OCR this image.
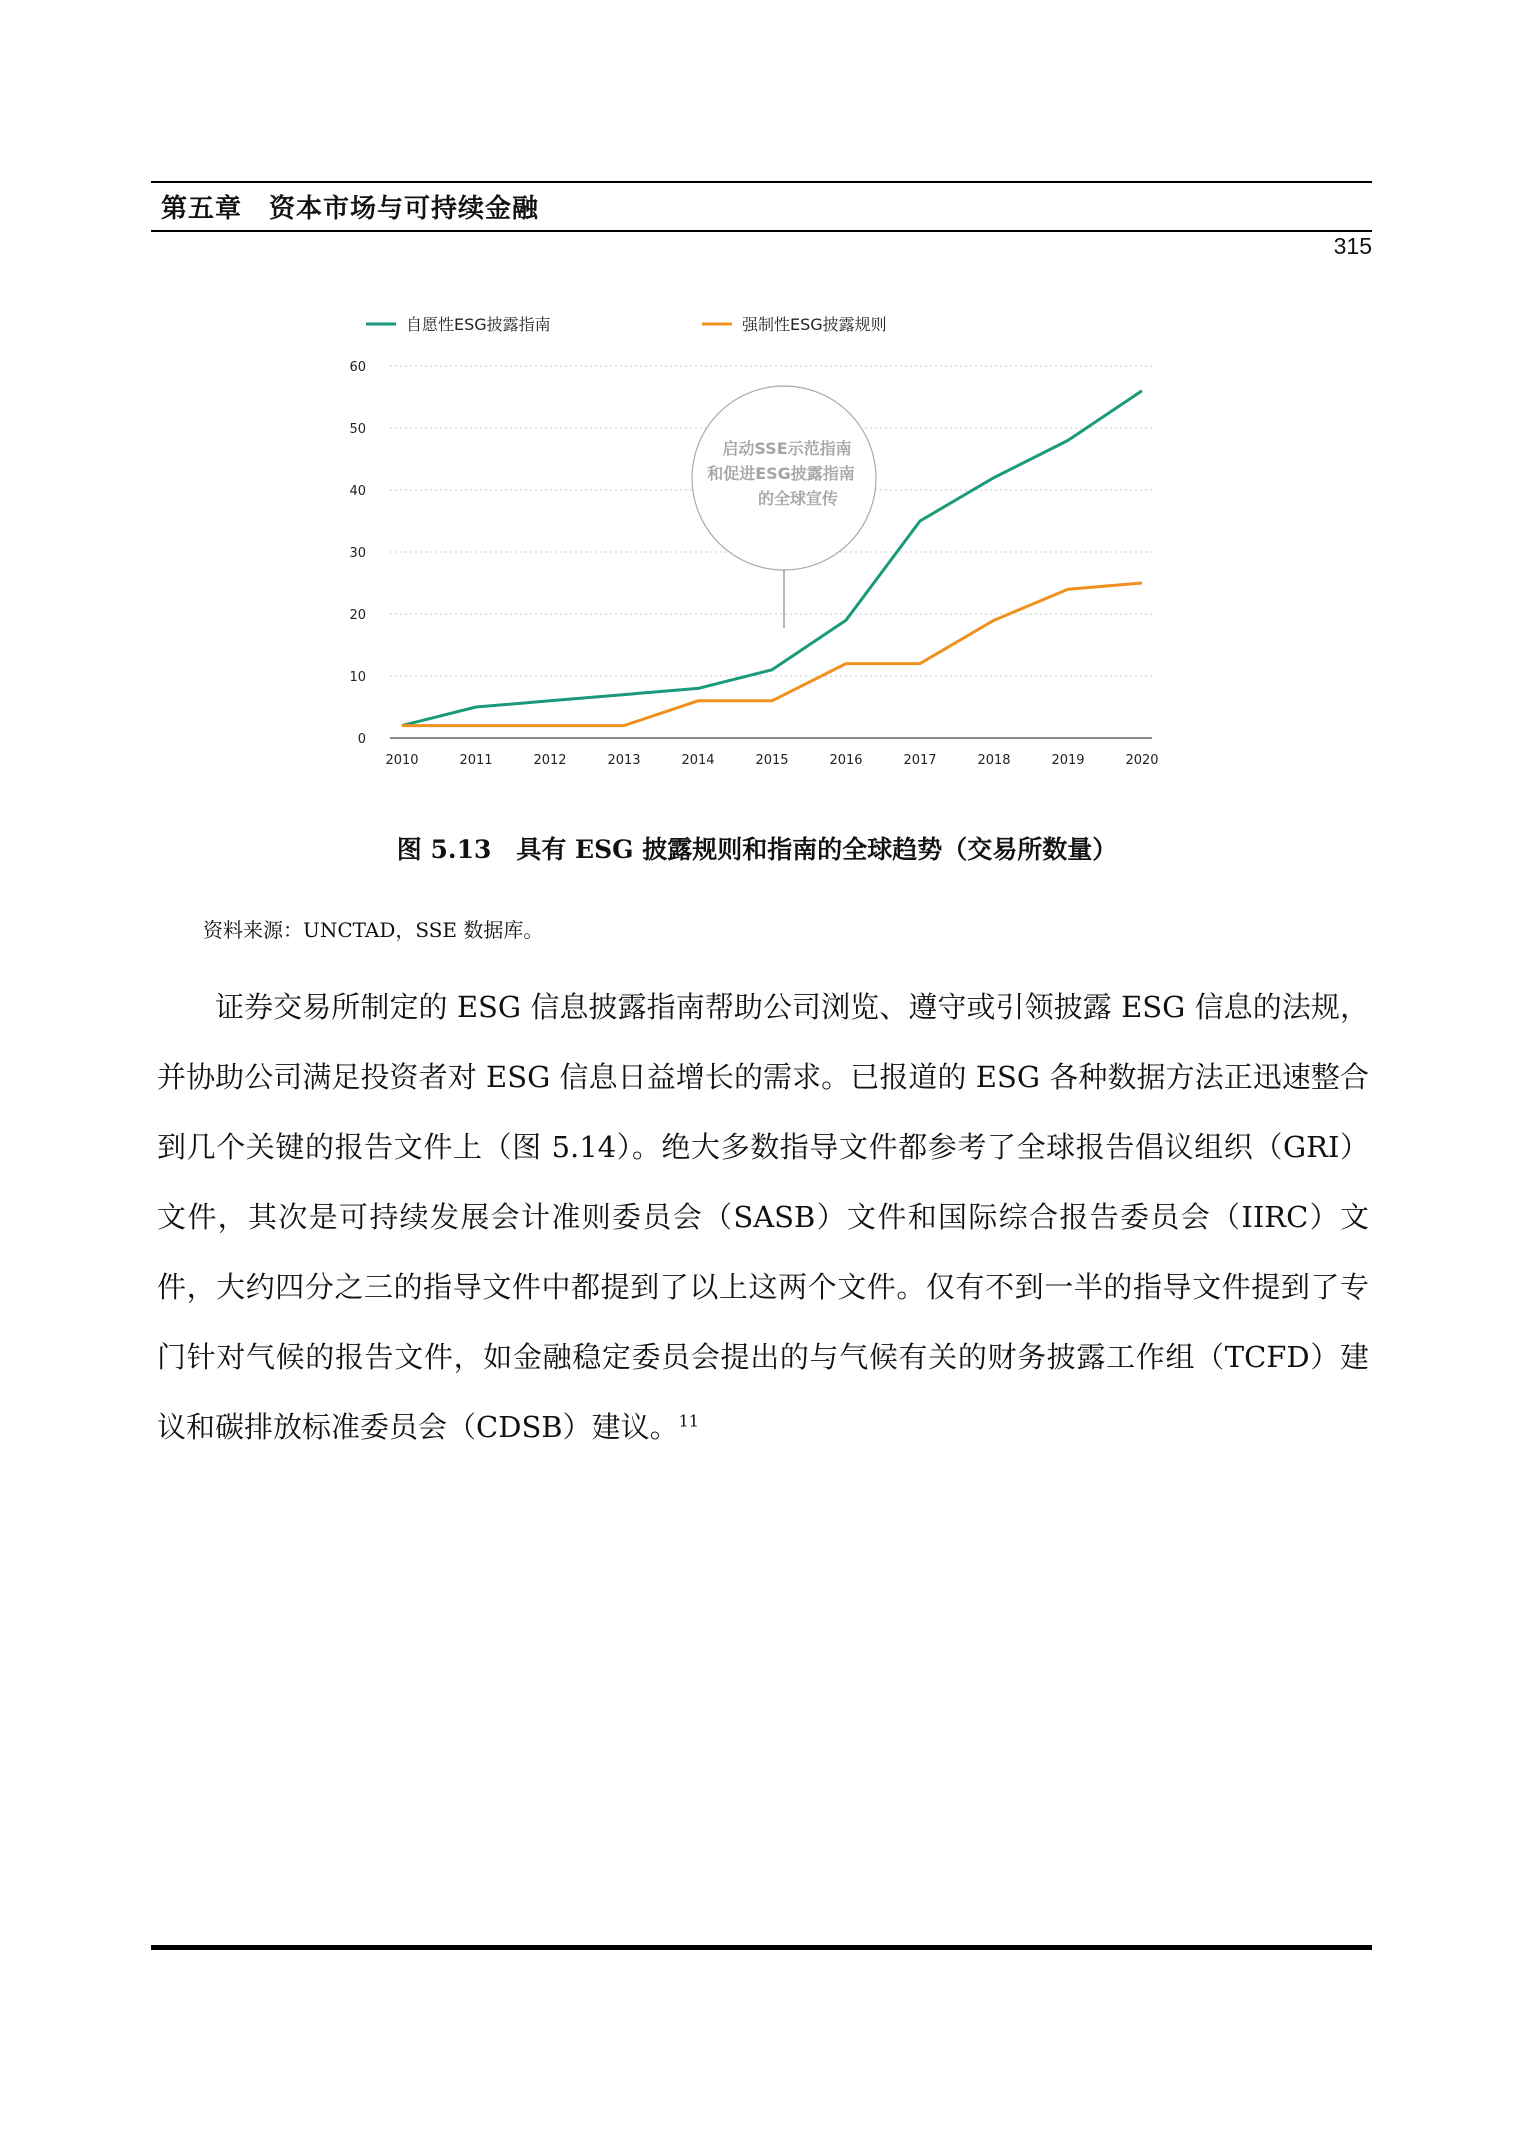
第五章　资本市场与可持续金融
315
自愿性ESG披露指南	强制性ESG披露规则
0
10
20
30
40
50
60
2010	2011	2012	2013	2014	2015	2016	2017	2018	2019	2020
启动SSE示范指南
和促进ESG披露指南
的全球宣传
图 5.13　具有 ESG 披露规则和指南的全球趋势（交易所数量）
资料来源：UNCTAD，SSE 数据库。

证券交易所制定的 ESG 信息披露指南帮助公司浏览、遵守或引领披露 ESG 信息的法规，并协助公司满足投资者对 ESG 信息日益增长的需求。已报道的 ESG 各种数据方法正迅速整合到几个关键的报告文件上（图 5.14）。绝大多数指导文件都参考了全球报告倡议组织（GRI）文件，其次是可持续发展会计准则委员会（SASB）文件和国际综合报告委员会（IIRC）文件，大约四分之三的指导文件中都提到了以上这两个文件。仅有不到一半的指导文件提到了专门针对气候的报告文件，如金融稳定委员会提出的与气候有关的财务披露工作组（TCFD）建议和碳排放标准委员会（CDSB）建议。$^{11}$
